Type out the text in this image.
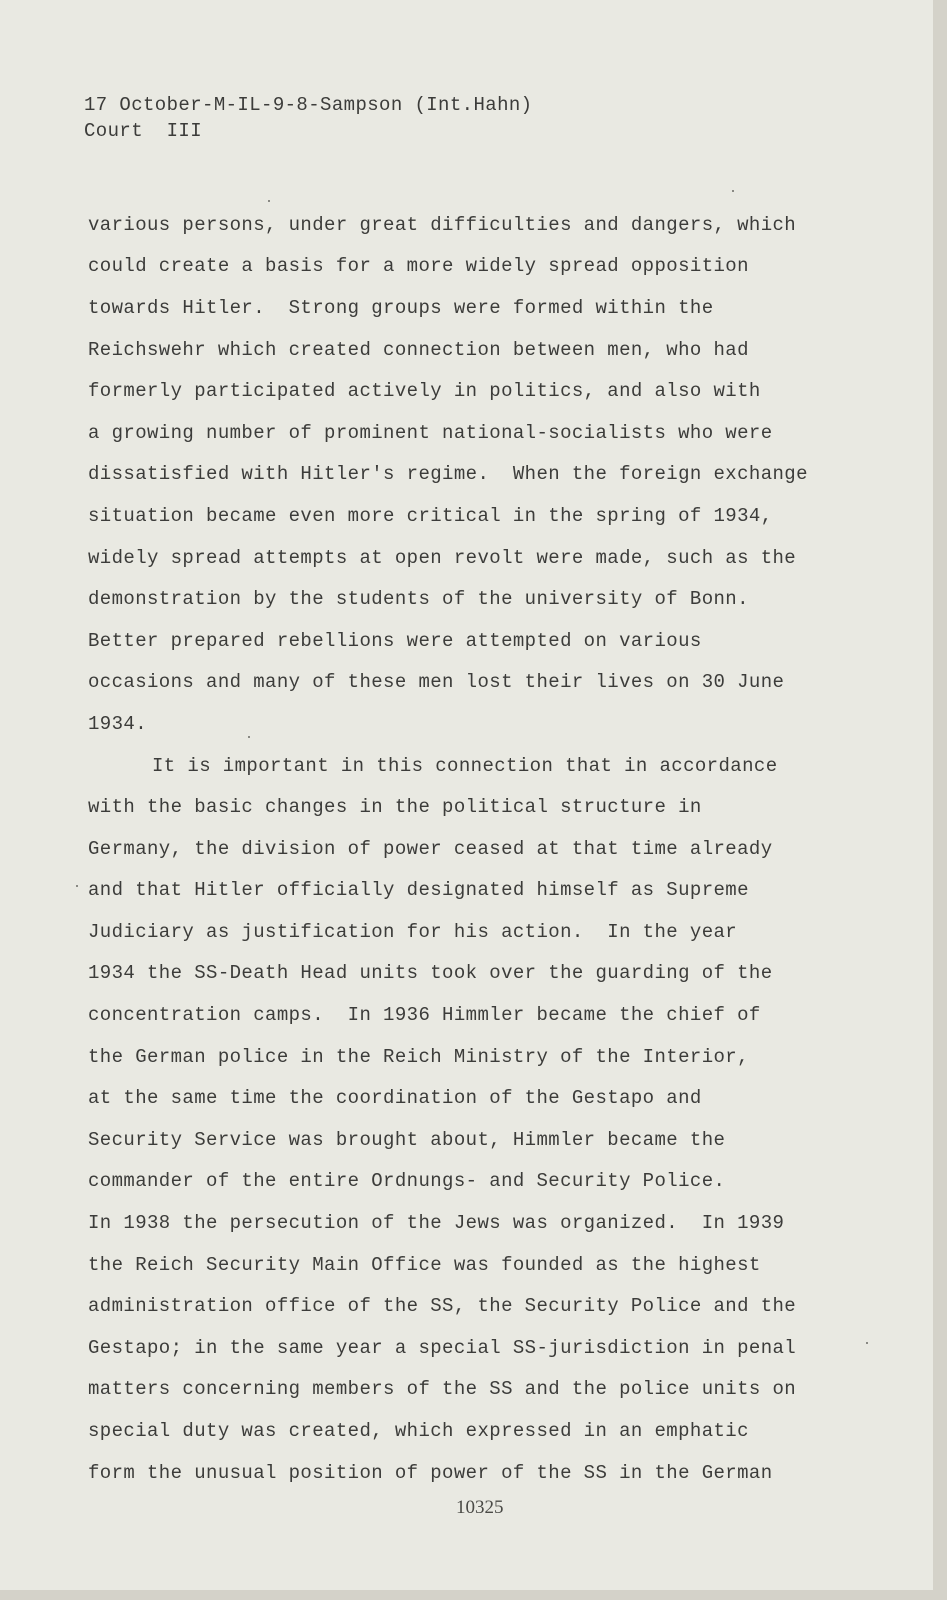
17 October-M-IL-9-8-Sampson (Int.Hahn)
Court  III
various persons, under great difficulties and dangers, which
could create a basis for a more widely spread opposition
towards Hitler.  Strong groups were formed within the
Reichswehr which created connection between men, who had
formerly participated actively in politics, and also with
a growing number of prominent national-socialists who were
dissatisfied with Hitler's regime.  When the foreign exchange
situation became even more critical in the spring of 1934,
widely spread attempts at open revolt were made, such as the
demonstration by the students of the university of Bonn.
Better prepared rebellions were attempted on various
occasions and many of these men lost their lives on 30 June
1934.
It is important in this connection that in accordance
with the basic changes in the political structure in
Germany, the division of power ceased at that time already
and that Hitler officially designated himself as Supreme
Judiciary as justification for his action.  In the year
1934 the SS-Death Head units took over the guarding of the
concentration camps.  In 1936 Himmler became the chief of
the German police in the Reich Ministry of the Interior,
at the same time the coordination of the Gestapo and
Security Service was brought about, Himmler became the
commander of the entire Ordnungs- and Security Police.
In 1938 the persecution of the Jews was organized.  In 1939
the Reich Security Main Office was founded as the highest
administration office of the SS, the Security Police and the
Gestapo; in the same year a special SS-jurisdiction in penal
matters concerning members of the SS and the police units on
special duty was created, which expressed in an emphatic
form the unusual position of power of the SS in the German
10325
